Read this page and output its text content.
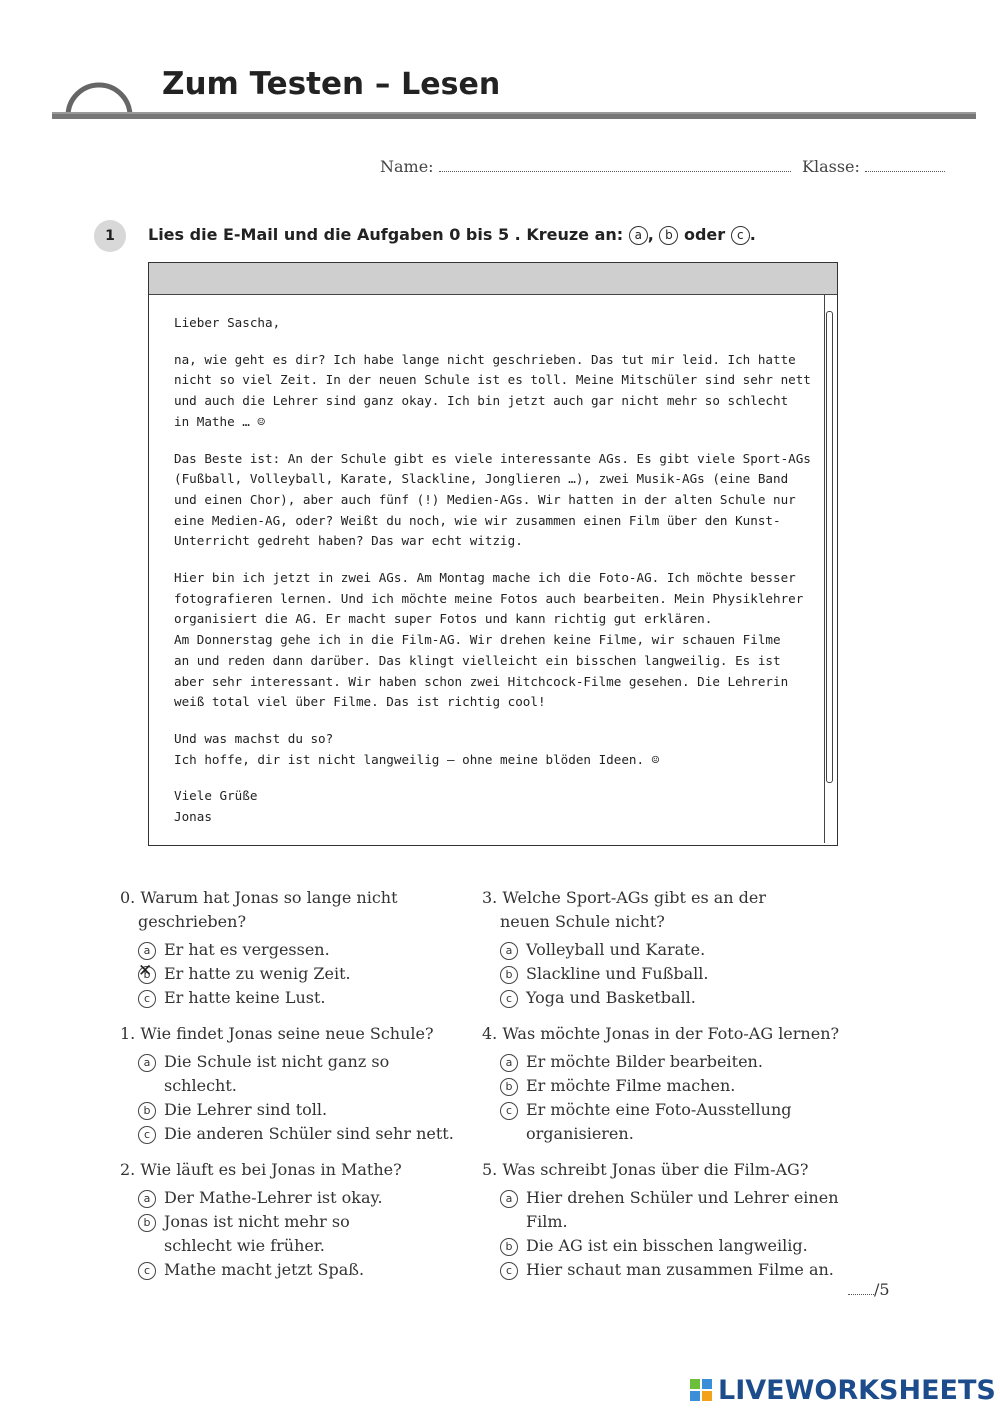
Zum Testen – Lesen
Name:	Klasse:
1	Lies die E-Mail und die Aufgaben 0 bis 5 . Kreuze an: a , b oder c .

Lieber Sascha,

na, wie geht es dir? Ich habe lange nicht geschrieben. Das tut mir leid. Ich hatte
nicht so viel Zeit. In der neuen Schule ist es toll. Meine Mitschüler sind sehr nett
und auch die Lehrer sind ganz okay. Ich bin jetzt auch gar nicht mehr so schlecht
in Mathe … ☺

Das Beste ist: An der Schule gibt es viele interessante AGs. Es gibt viele Sport-AGs
(Fußball, Volleyball, Karate, Slackline, Jonglieren …), zwei Musik-AGs (eine Band
und einen Chor), aber auch fünf (!) Medien-AGs. Wir hatten in der alten Schule nur
eine Medien-AG, oder? Weißt du noch, wie wir zusammen einen Film über den Kunst-
Unterricht gedreht haben? Das war echt witzig.

Hier bin ich jetzt in zwei AGs. Am Montag mache ich die Foto-AG. Ich möchte besser
fotografieren lernen. Und ich möchte meine Fotos auch bearbeiten. Mein Physiklehrer
organisiert die AG. Er macht super Fotos und kann richtig gut erklären.
Am Donnerstag gehe ich in die Film-AG. Wir drehen keine Filme, wir schauen Filme
an und reden dann darüber. Das klingt vielleicht ein bisschen langweilig. Es ist
aber sehr interessant. Wir haben schon zwei Hitchcock-Filme gesehen. Die Lehrerin
weiß total viel über Filme. Das ist richtig cool!

Und was machst du so?
Ich hoffe, dir ist nicht langweilig – ohne meine blöden Ideen. ☺

Viele Grüße
Jonas

0. Warum hat Jonas so lange nicht geschrieben?
a Er hat es vergessen.
b ✕ Er hatte zu wenig Zeit.
c Er hatte keine Lust.
1. Wie findet Jonas seine neue Schule?
a Die Schule ist nicht ganz so schlecht.
b Die Lehrer sind toll.
c Die anderen Schüler sind sehr nett.
2. Wie läuft es bei Jonas in Mathe?
a Der Mathe-Lehrer ist okay.
b Jonas ist nicht mehr so schlecht wie früher.
c Mathe macht jetzt Spaß.
3. Welche Sport-AGs gibt es an der neuen Schule nicht?
a Volleyball und Karate.
b Slackline und Fußball.
c Yoga und Basketball.
4. Was möchte Jonas in der Foto-AG lernen?
a Er möchte Bilder bearbeiten.
b Er möchte Filme machen.
c Er möchte eine Foto-Ausstellung organisieren.
5. Was schreibt Jonas über die Film-AG?
a Hier drehen Schüler und Lehrer einen Film.
b Die AG ist ein bisschen langweilig.
c Hier schaut man zusammen Filme an.
/5
LIVEWORKSHEETS
